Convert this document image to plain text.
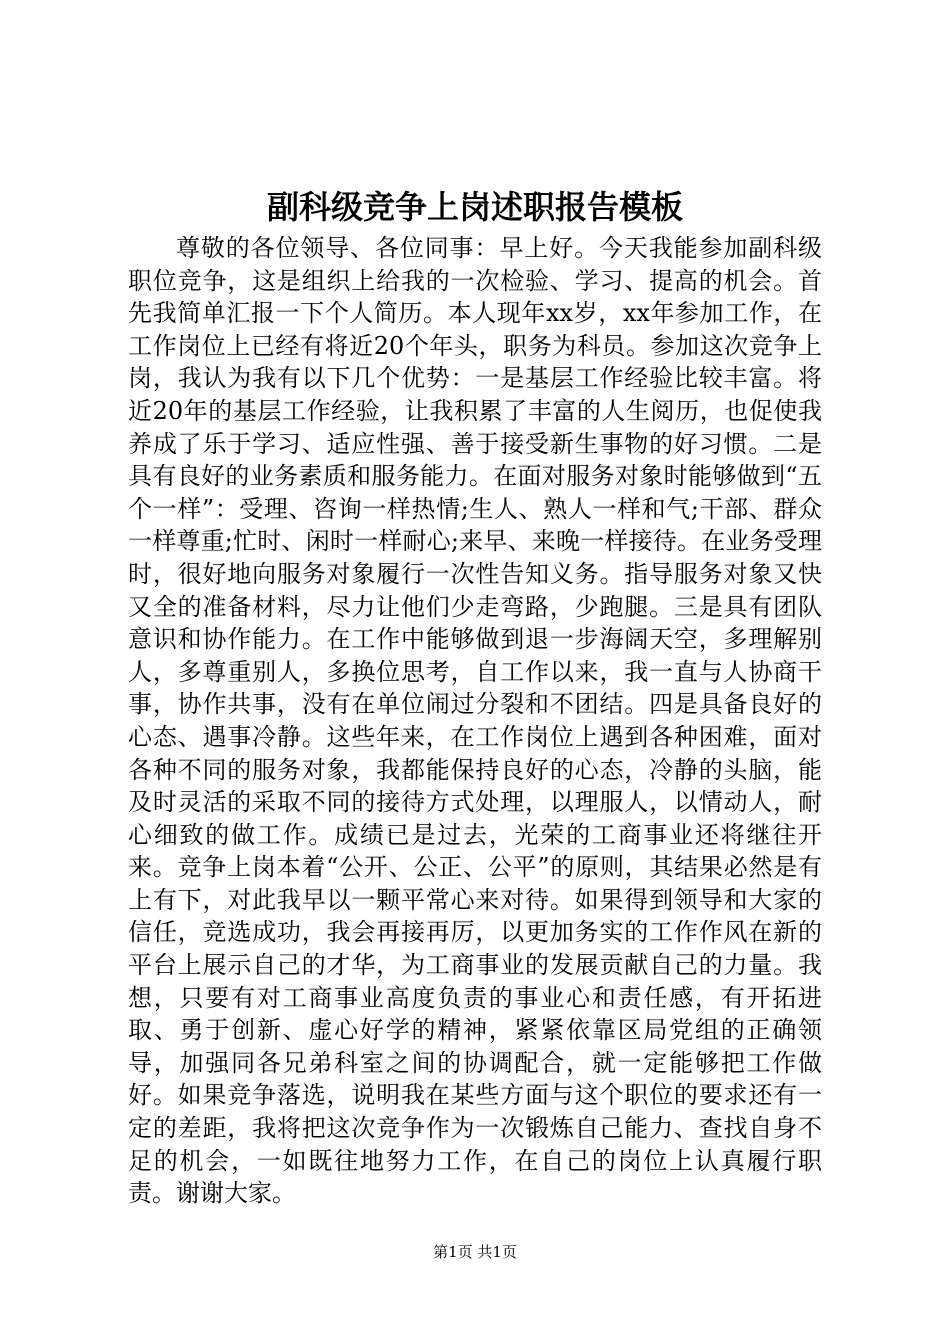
副科级竞争上岗述职报告模板

尊敬的各位领导、各位同事：早上好。今天我能参加副科级职位竞争，这是组织上给我的一次检验、学习、提高的机会。首先我简单汇报一下个人简历。本人现年xx岁，xx年参加工作，在工作岗位上已经有将近20个年头，职务为科员。参加这次竞争上岗，我认为我有以下几个优势：一是基层工作经验比较丰富。将近20年的基层工作经验，让我积累了丰富的人生阅历，也促使我养成了乐于学习、适应性强、善于接受新生事物的好习惯。二是具有良好的业务素质和服务能力。在面对服务对象时能够做到“五个一样”：受理、咨询一样热情;生人、熟人一样和气;干部、群众一样尊重;忙时、闲时一样耐心;来早、来晚一样接待。在业务受理时，很好地向服务对象履行一次性告知义务。指导服务对象又快又全的准备材料，尽力让他们少走弯路，少跑腿。三是具有团队意识和协作能力。在工作中能够做到退一步海阔天空，多理解别人，多尊重别人，多换位思考，自工作以来，我一直与人协商干事，协作共事，没有在单位闹过分裂和不团结。四是具备良好的心态、遇事冷静。这些年来，在工作岗位上遇到各种困难，面对各种不同的服务对象，我都能保持良好的心态，冷静的头脑，能及时灵活的采取不同的接待方式处理，以理服人，以情动人，耐心细致的做工作。成绩已是过去，光荣的工商事业还将继往开来。竞争上岗本着“公开、公正、公平”的原则，其结果必然是有上有下，对此我早以一颗平常心来对待。如果得到领导和大家的信任，竞选成功，我会再接再厉，以更加务实的工作作风在新的平台上展示自己的才华，为工商事业的发展贡献自己的力量。我想，只要有对工商事业高度负责的事业心和责任感，有开拓进取、勇于创新、虚心好学的精神，紧紧依靠区局党组的正确领导，加强同各兄弟科室之间的协调配合，就一定能够把工作做好。如果竞争落选，说明我在某些方面与这个职位的要求还有一定的差距，我将把这次竞争作为一次锻炼自己能力、查找自身不足的机会，一如既往地努力工作，在自己的岗位上认真履行职责。谢谢大家。

第1页 共1页
